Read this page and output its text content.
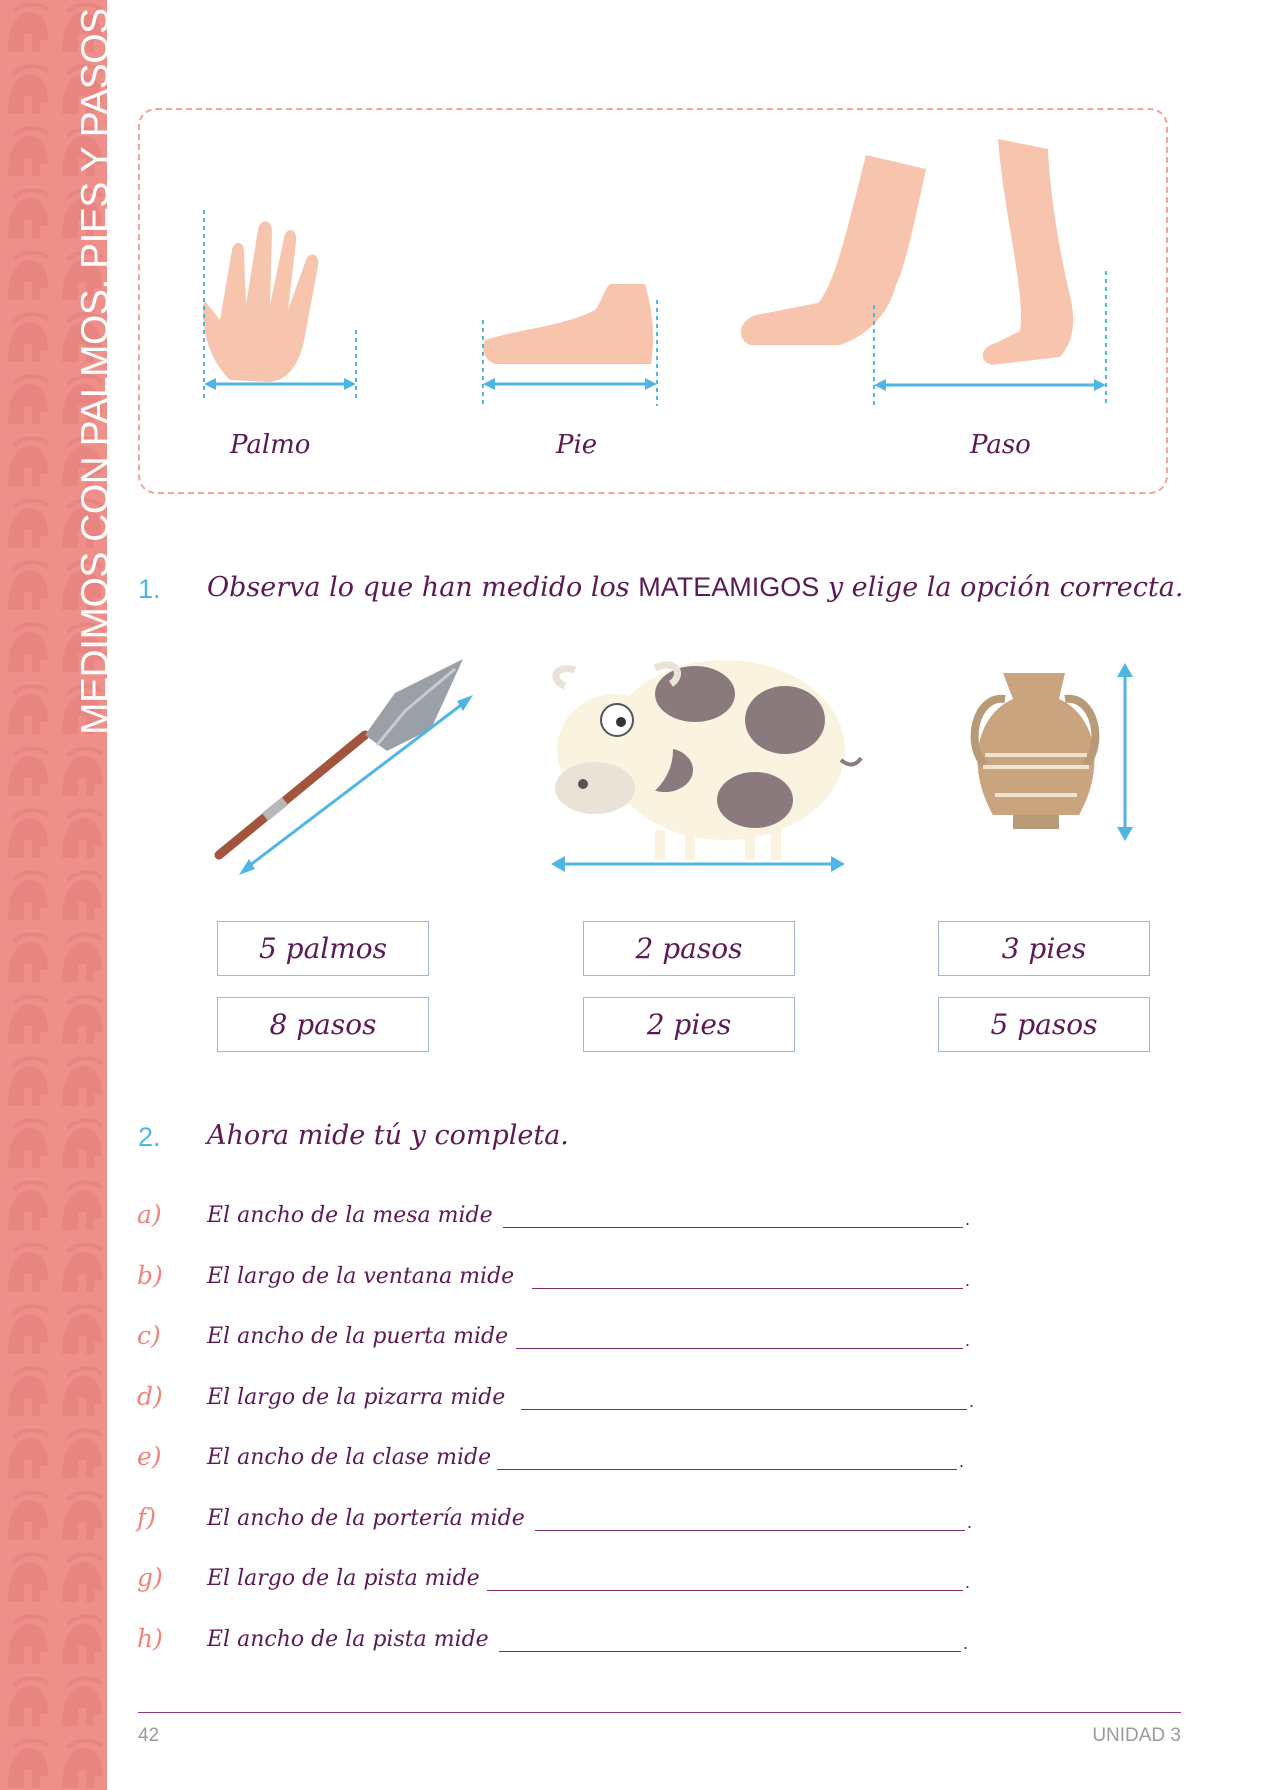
MEDIMOS CON PALMOS, PIES Y PASOS	Palmo	Pie	Paso
1. Observa lo que han medido los MATEAMIGOS y elige la opción correcta.
5 palmos
8 pasos
2 pasos
2 pies
3 pies
5 pasos
2. Ahora mide tú y completa.
a) El ancho de la mesa mide	.
b) El largo de la ventana mide	.
c) El ancho de la puerta mide	.
d) El largo de la pizarra mide	.
e) El ancho de la clase mide	.
f) El ancho de la portería mide	.
g) El largo de la pista mide	.
h) El ancho de la pista mide	.
42	UNIDAD 3
